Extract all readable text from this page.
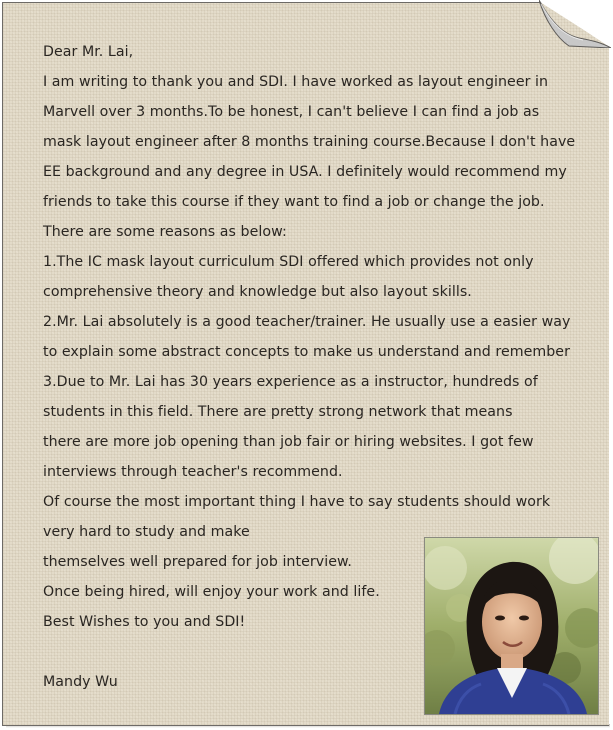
Dear Mr. Lai,
I am writing to thank you and SDI. I have worked as layout engineer in
Marvell over 3 months.To be honest, I can't believe I can find a job as
mask layout engineer after 8 months training course.Because I don't have
EE background and any degree in USA. I definitely would recommend my
friends to take this course if they want to find a job or change the job.
There are some reasons as below:
1.The IC mask layout curriculum SDI offered which provides not only
comprehensive theory and knowledge but also layout skills.
2.Mr. Lai absolutely is a good teacher/trainer. He usually use a easier way
to explain some abstract concepts to make us understand and remember
3.Due to Mr. Lai has 30 years experience as a instructor, hundreds of
students in this field. There are pretty strong network that means
there are more job opening than job fair or hiring websites. I got few
interviews through teacher's recommend.
Of course the most important thing I have to say students should work
very hard to study and make
themselves well prepared for job interview.
Once being hired, will enjoy your work and life.
Best Wishes to you and SDI!
Mandy Wu
